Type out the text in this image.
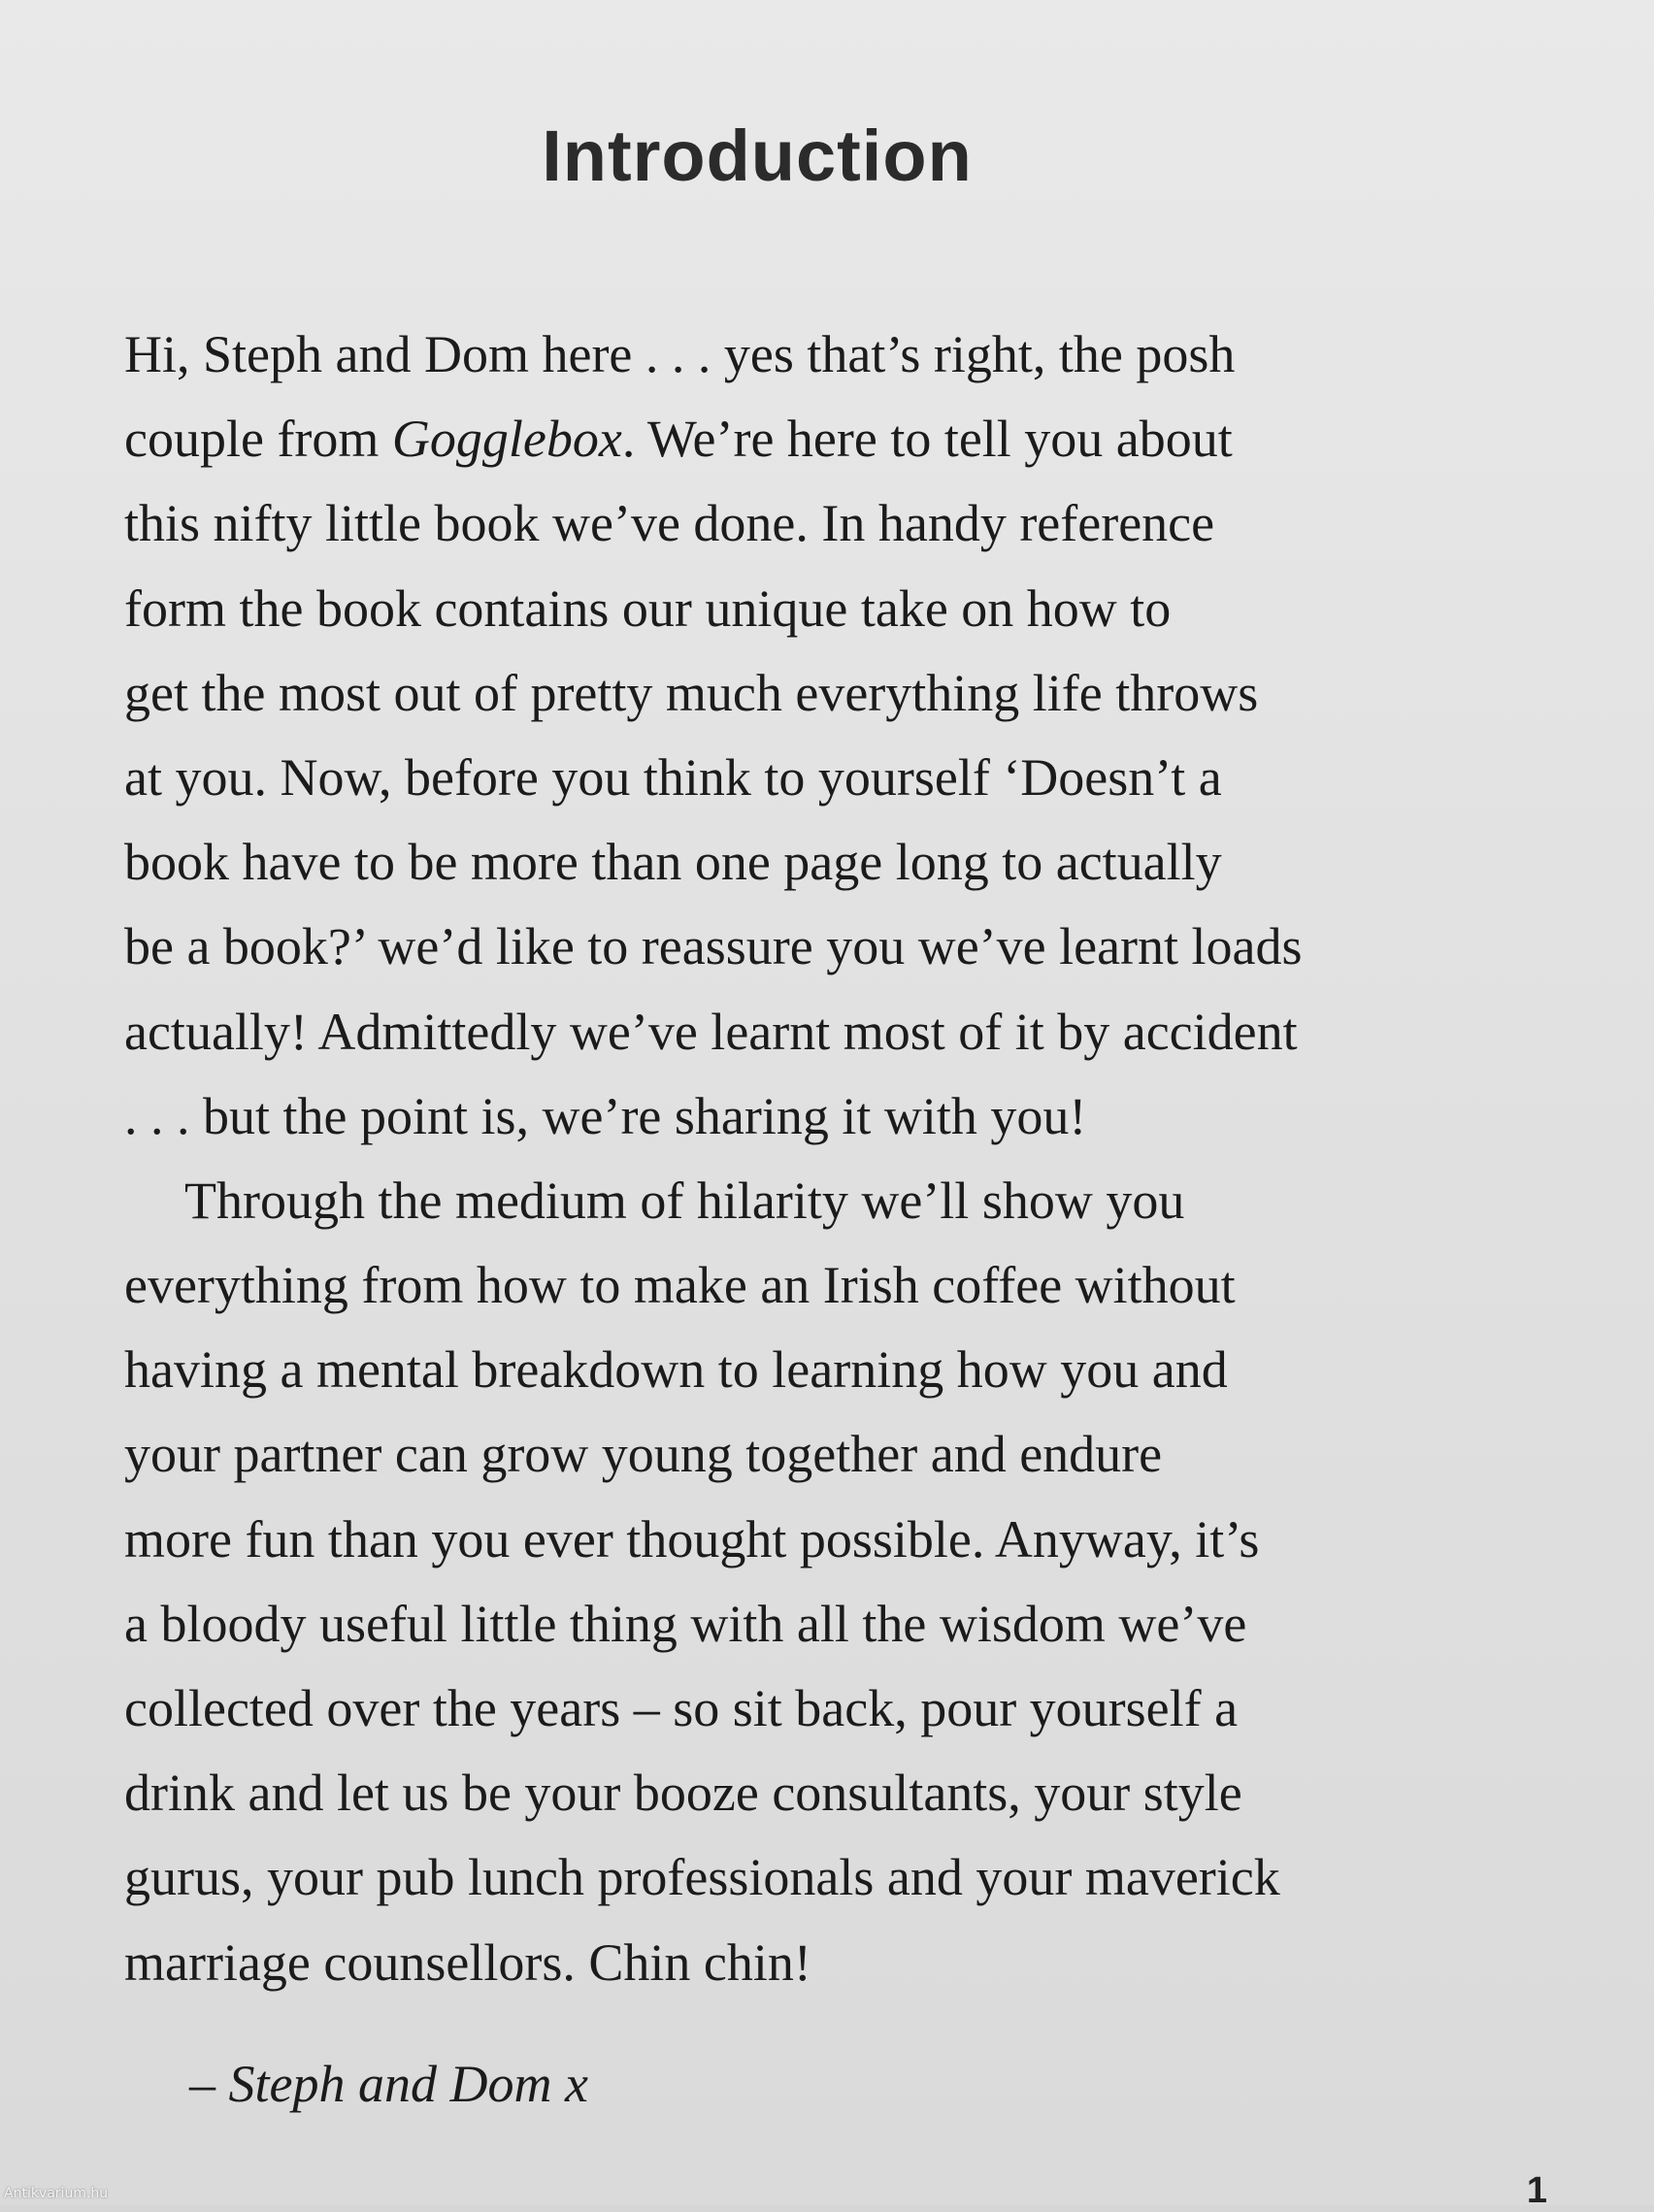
Introduction
Hi, Steph and Dom here . . . yes that’s right, the posh
couple from Gogglebox. We’re here to tell you about
this nifty little book we’ve done. In handy reference
form the book contains our unique take on how to
get the most out of pretty much everything life throws
at you. Now, before you think to yourself ‘Doesn’t a
book have to be more than one page long to actually
be a book?’ we’d like to reassure you we’ve learnt loads
actually! Admittedly we’ve learnt most of it by accident
. . . but the point is, we’re sharing it with you!
Through the medium of hilarity we’ll show you
everything from how to make an Irish coffee without
having a mental breakdown to learning how you and
your partner can grow young together and endure
more fun than you ever thought possible. Anyway, it’s
a bloody useful little thing with all the wisdom we’ve
collected over the years – so sit back, pour yourself a
drink and let us be your booze consultants, your style
gurus, your pub lunch professionals and your maverick
marriage counsellors. Chin chin!
– Steph and Dom x
1
Antikvarium.hu
